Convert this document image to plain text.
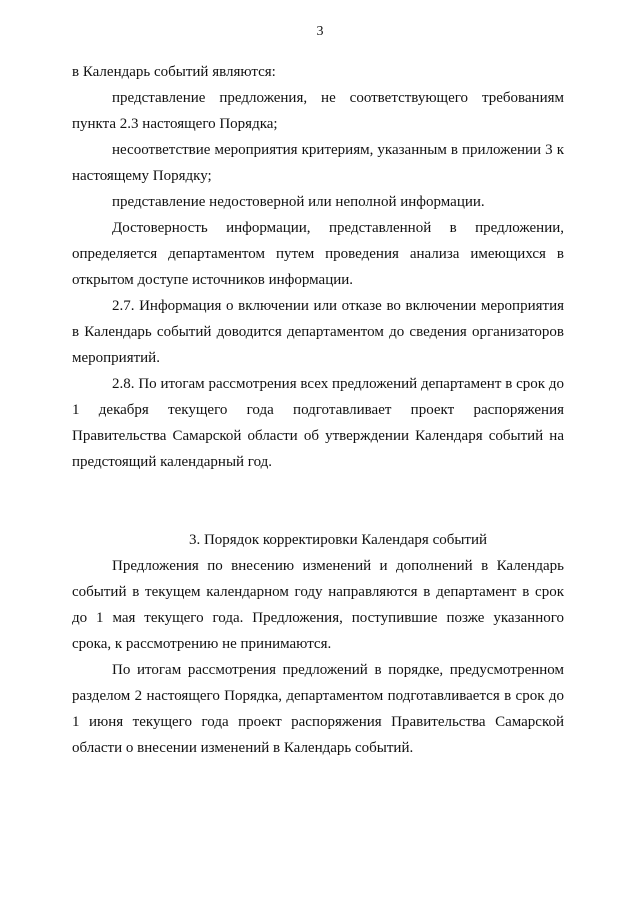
3

в Календарь событий являются:

представление предложения, не соответствующего требованиям пункта 2.3 настоящего Порядка;

несоответствие мероприятия критериям, указанным в приложении 3 к настоящему Порядку;

представление недостоверной или неполной информации.

Достоверность информации, представленной в предложении, определяется департаментом путем проведения анализа имеющихся в открытом доступе источников информации.

2.7. Информация о включении или отказе во включении мероприятия в Календарь событий доводится департаментом до сведения организаторов мероприятий.

2.8. По итогам рассмотрения всех предложений департамент в срок до 1 декабря текущего года подготавливает проект распоряжения Правительства Самарской области об утверждении Календаря событий на предстоящий календарный год.

3. Порядок корректировки Календаря событий

Предложения по внесению изменений и дополнений в Календарь событий в текущем календарном году направляются в департамент в срок до 1 мая текущего года. Предложения, поступившие позже указанного срока, к рассмотрению не принимаются.

По итогам рассмотрения предложений в порядке, предусмотренном разделом 2 настоящего Порядка, департаментом подготавливается в срок до 1 июня текущего года проект распоряжения Правительства Самарской области о внесении изменений в Календарь событий.
